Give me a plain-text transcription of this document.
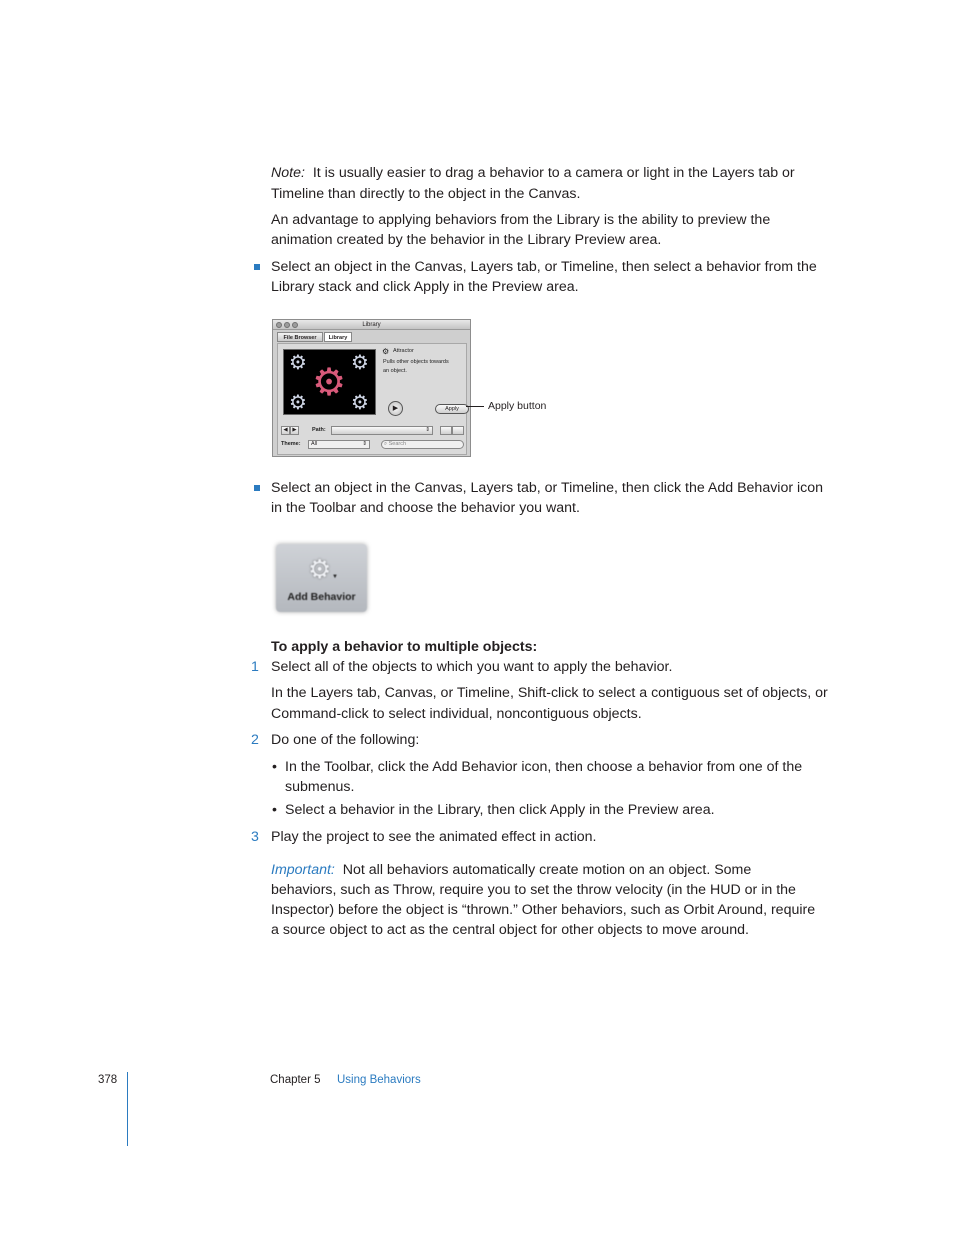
Note: It is usually easier to drag a behavior to a camera or light in the Layers tab or
Timeline than directly to the object in the Canvas.
An advantage to applying behaviors from the Library is the ability to preview the
animation created by the behavior in the Library Preview area.
Select an object in the Canvas, Layers tab, or Timeline, then select a behavior from the
Library stack and click Apply in the Preview area.
Library
File Browser	Library
⚙ ⚙
⚙ ⚙
⚙
⚙ Attractor
Pulls other objects towards
an object.
▶	Apply
◀ ▶	Path:	⇕
Theme:	All	⇕	⌕ Search
Apply button
Select an object in the Canvas, Layers tab, or Timeline, then click the Add Behavior icon
in the Toolbar and choose the behavior you want.
⚙ ▼
Add Behavior
To apply a behavior to multiple objects:
1 Select all of the objects to which you want to apply the behavior.
In the Layers tab, Canvas, or Timeline, Shift-click to select a contiguous set of objects, or
Command-click to select individual, noncontiguous objects.
2 Do one of the following:
• In the Toolbar, click the Add Behavior icon, then choose a behavior from one of the
submenus.
• Select a behavior in the Library, then click Apply in the Preview area.
3 Play the project to see the animated effect in action.
Important: Not all behaviors automatically create motion on an object. Some
behaviors, such as Throw, require you to set the throw velocity (in the HUD or in the
Inspector) before the object is “thrown.” Other behaviors, such as Orbit Around, require
a source object to act as the central object for other objects to move around.
378	Chapter 5 Using Behaviors
